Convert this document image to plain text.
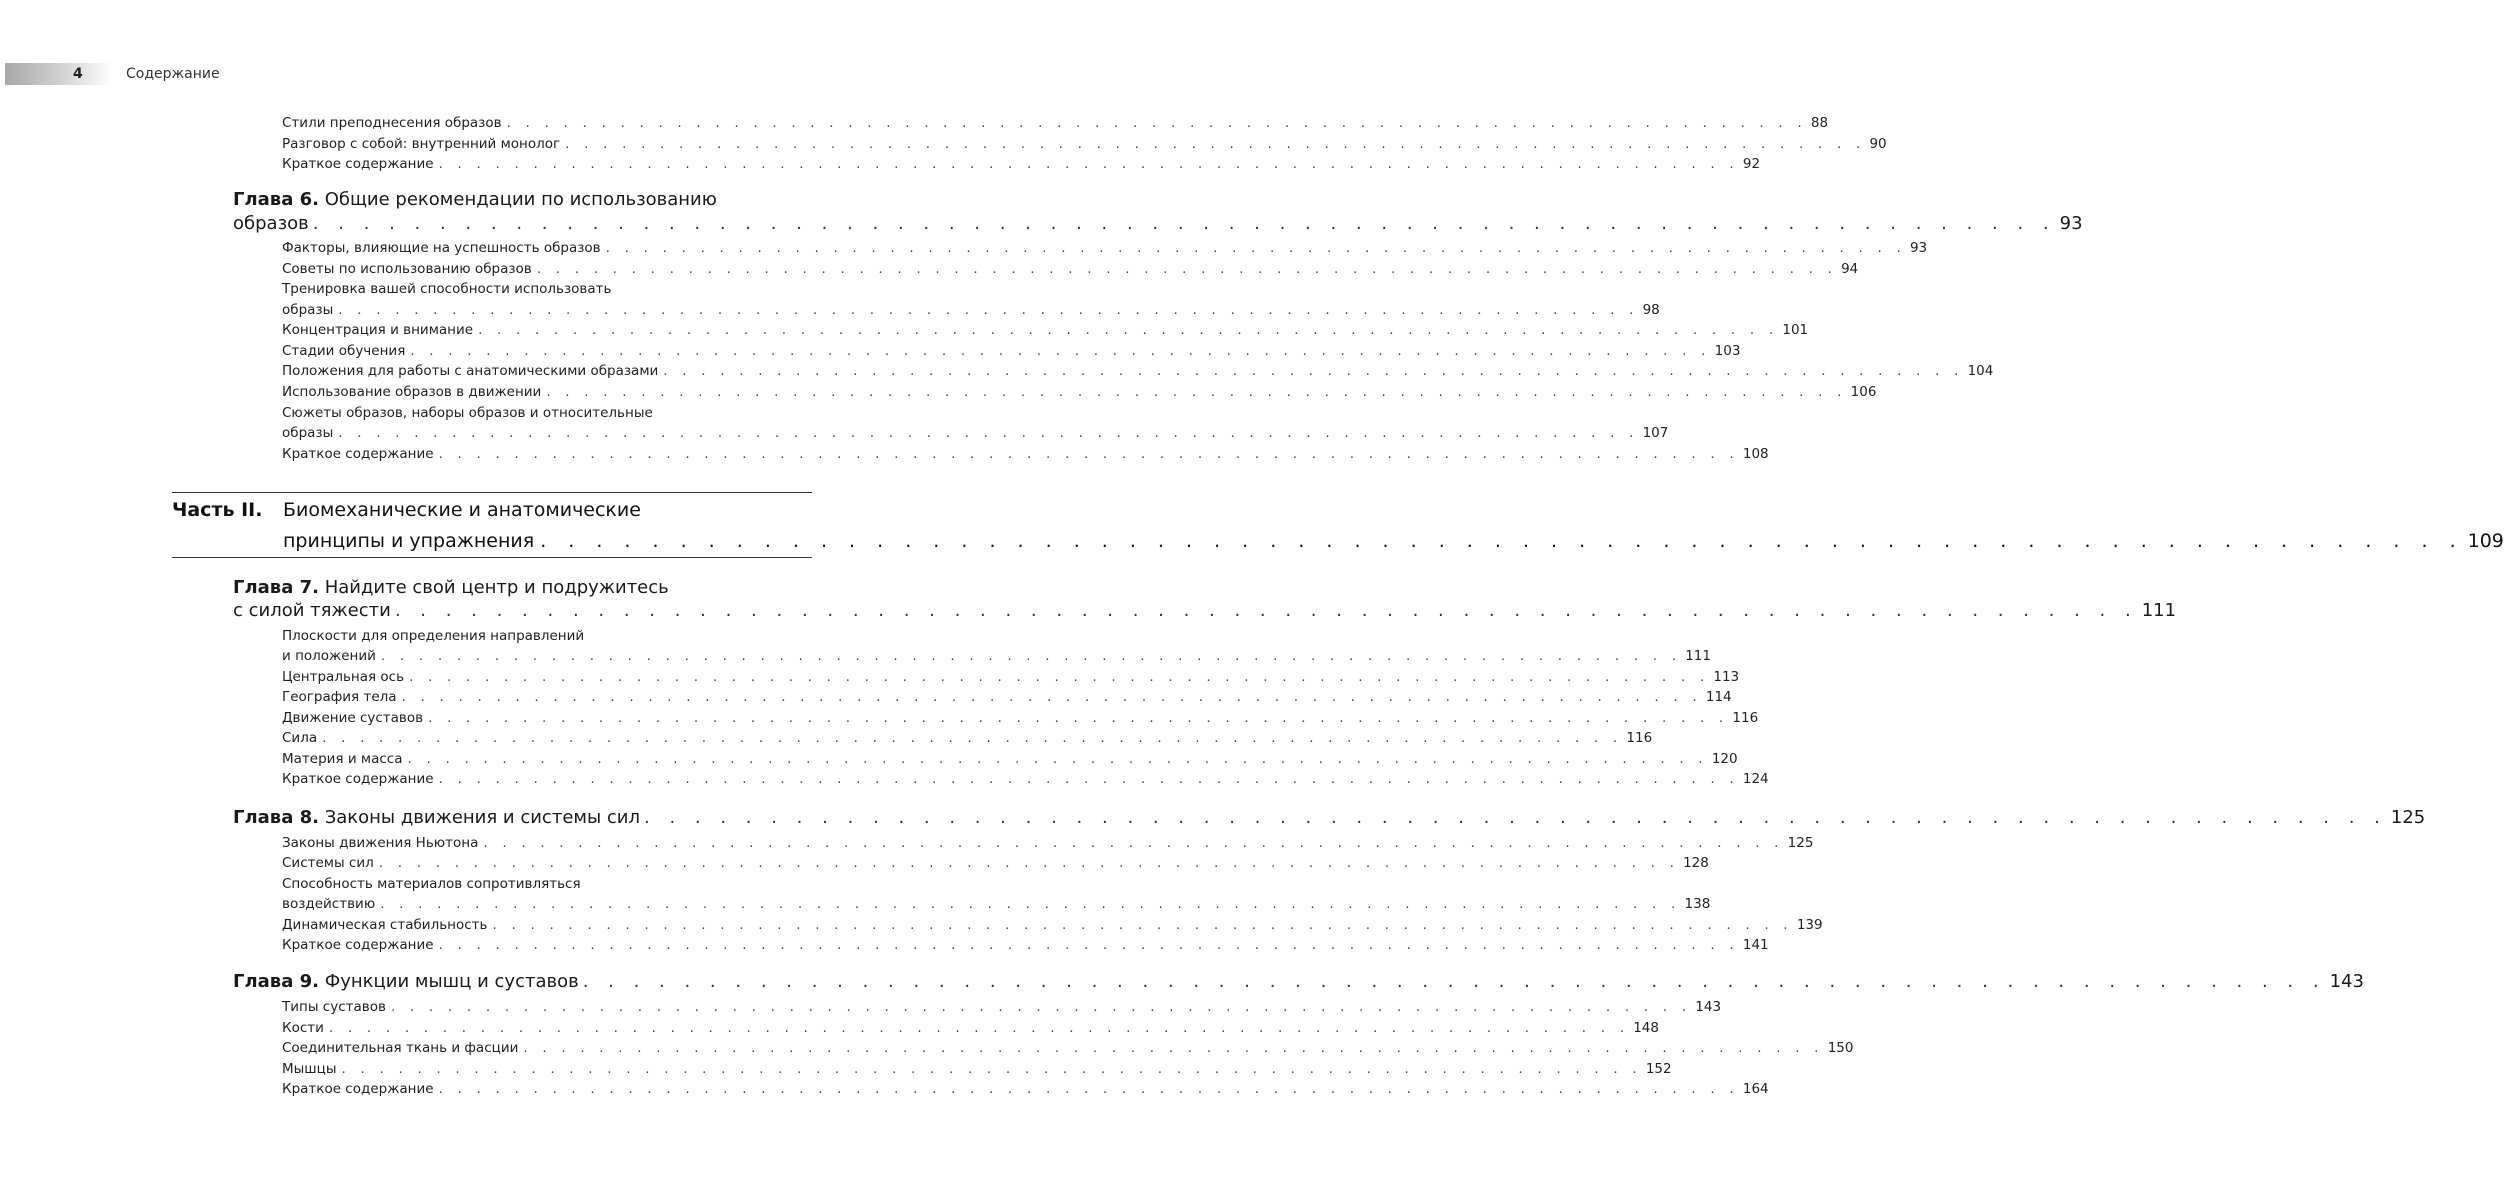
4	Содержание
Стили преподнесения образов . . . . . . . . . . . . . . . . . . . . . . . . . . . . . . . . . . . . . . . . . . . . . . . . . . . . . . . . . . . . . . . . . . . . . 88
Разговор с собой: внутренний монолог . . . . . . . . . . . . . . . . . . . . . . . . . . . . . . . . . . . . . . . . . . . . . . . . . . . . . . . . . . . . . . . . . . . . . 90
Краткое содержание . . . . . . . . . . . . . . . . . . . . . . . . . . . . . . . . . . . . . . . . . . . . . . . . . . . . . . . . . . . . . . . . . . . . . 92
Глава 6. Общие рекомендации по использованию
образов . . . . . . . . . . . . . . . . . . . . . . . . . . . . . . . . . . . . . . . . . . . . . . . . . . . . . . . . . . . . . . . . . . . . . 93
Факторы, влияющие на успешность образов . . . . . . . . . . . . . . . . . . . . . . . . . . . . . . . . . . . . . . . . . . . . . . . . . . . . . . . . . . . . . . . . . . . . . 93
Советы по использованию образов . . . . . . . . . . . . . . . . . . . . . . . . . . . . . . . . . . . . . . . . . . . . . . . . . . . . . . . . . . . . . . . . . . . . . 94
Тренировка вашей способности использовать
образы . . . . . . . . . . . . . . . . . . . . . . . . . . . . . . . . . . . . . . . . . . . . . . . . . . . . . . . . . . . . . . . . . . . . . 98
Концентрация и внимание . . . . . . . . . . . . . . . . . . . . . . . . . . . . . . . . . . . . . . . . . . . . . . . . . . . . . . . . . . . . . . . . . . . . . 101
Стадии обучения . . . . . . . . . . . . . . . . . . . . . . . . . . . . . . . . . . . . . . . . . . . . . . . . . . . . . . . . . . . . . . . . . . . . . 103
Положения для работы с анатомическими образами . . . . . . . . . . . . . . . . . . . . . . . . . . . . . . . . . . . . . . . . . . . . . . . . . . . . . . . . . . . . . . . . . . . . . 104
Использование образов в движении . . . . . . . . . . . . . . . . . . . . . . . . . . . . . . . . . . . . . . . . . . . . . . . . . . . . . . . . . . . . . . . . . . . . . 106
Сюжеты образов, наборы образов и относительные
образы . . . . . . . . . . . . . . . . . . . . . . . . . . . . . . . . . . . . . . . . . . . . . . . . . . . . . . . . . . . . . . . . . . . . . 107
Краткое содержание . . . . . . . . . . . . . . . . . . . . . . . . . . . . . . . . . . . . . . . . . . . . . . . . . . . . . . . . . . . . . . . . . . . . . 108
Часть II. Биомеханические и анатомические
принципы и упражнения . . . . . . . . . . . . . . . . . . . . . . . . . . . . . . . . . . . . . . . . . . . . . . . . . . . . . . . . . . . . . . . . . . . . . 109
Глава 7. Найдите свой центр и подружитесь
с силой тяжести . . . . . . . . . . . . . . . . . . . . . . . . . . . . . . . . . . . . . . . . . . . . . . . . . . . . . . . . . . . . . . . . . . . . . 111
Плоскости для определения направлений
и положений . . . . . . . . . . . . . . . . . . . . . . . . . . . . . . . . . . . . . . . . . . . . . . . . . . . . . . . . . . . . . . . . . . . . . 111
Центральная ось . . . . . . . . . . . . . . . . . . . . . . . . . . . . . . . . . . . . . . . . . . . . . . . . . . . . . . . . . . . . . . . . . . . . . 113
География тела . . . . . . . . . . . . . . . . . . . . . . . . . . . . . . . . . . . . . . . . . . . . . . . . . . . . . . . . . . . . . . . . . . . . . 114
Движение суставов . . . . . . . . . . . . . . . . . . . . . . . . . . . . . . . . . . . . . . . . . . . . . . . . . . . . . . . . . . . . . . . . . . . . . 116
Сила . . . . . . . . . . . . . . . . . . . . . . . . . . . . . . . . . . . . . . . . . . . . . . . . . . . . . . . . . . . . . . . . . . . . . 116
Материя и масса . . . . . . . . . . . . . . . . . . . . . . . . . . . . . . . . . . . . . . . . . . . . . . . . . . . . . . . . . . . . . . . . . . . . . 120
Краткое содержание . . . . . . . . . . . . . . . . . . . . . . . . . . . . . . . . . . . . . . . . . . . . . . . . . . . . . . . . . . . . . . . . . . . . . 124
Глава 8. Законы движения и системы сил . . . . . . . . . . . . . . . . . . . . . . . . . . . . . . . . . . . . . . . . . . . . . . . . . . . . . . . . . . . . . . . . . . . . . 125
Законы движения Ньютона . . . . . . . . . . . . . . . . . . . . . . . . . . . . . . . . . . . . . . . . . . . . . . . . . . . . . . . . . . . . . . . . . . . . . 125
Системы сил . . . . . . . . . . . . . . . . . . . . . . . . . . . . . . . . . . . . . . . . . . . . . . . . . . . . . . . . . . . . . . . . . . . . . 128
Способность материалов сопротивляться
воздействию . . . . . . . . . . . . . . . . . . . . . . . . . . . . . . . . . . . . . . . . . . . . . . . . . . . . . . . . . . . . . . . . . . . . . 138
Динамическая стабильность . . . . . . . . . . . . . . . . . . . . . . . . . . . . . . . . . . . . . . . . . . . . . . . . . . . . . . . . . . . . . . . . . . . . . 139
Краткое содержание . . . . . . . . . . . . . . . . . . . . . . . . . . . . . . . . . . . . . . . . . . . . . . . . . . . . . . . . . . . . . . . . . . . . . 141
Глава 9. Функции мышц и суставов . . . . . . . . . . . . . . . . . . . . . . . . . . . . . . . . . . . . . . . . . . . . . . . . . . . . . . . . . . . . . . . . . . . . . 143
Типы суставов . . . . . . . . . . . . . . . . . . . . . . . . . . . . . . . . . . . . . . . . . . . . . . . . . . . . . . . . . . . . . . . . . . . . . 143
Кости . . . . . . . . . . . . . . . . . . . . . . . . . . . . . . . . . . . . . . . . . . . . . . . . . . . . . . . . . . . . . . . . . . . . . 148
Соединительная ткань и фасции . . . . . . . . . . . . . . . . . . . . . . . . . . . . . . . . . . . . . . . . . . . . . . . . . . . . . . . . . . . . . . . . . . . . . 150
Мышцы . . . . . . . . . . . . . . . . . . . . . . . . . . . . . . . . . . . . . . . . . . . . . . . . . . . . . . . . . . . . . . . . . . . . . 152
Краткое содержание . . . . . . . . . . . . . . . . . . . . . . . . . . . . . . . . . . . . . . . . . . . . . . . . . . . . . . . . . . . . . . . . . . . . . 164
